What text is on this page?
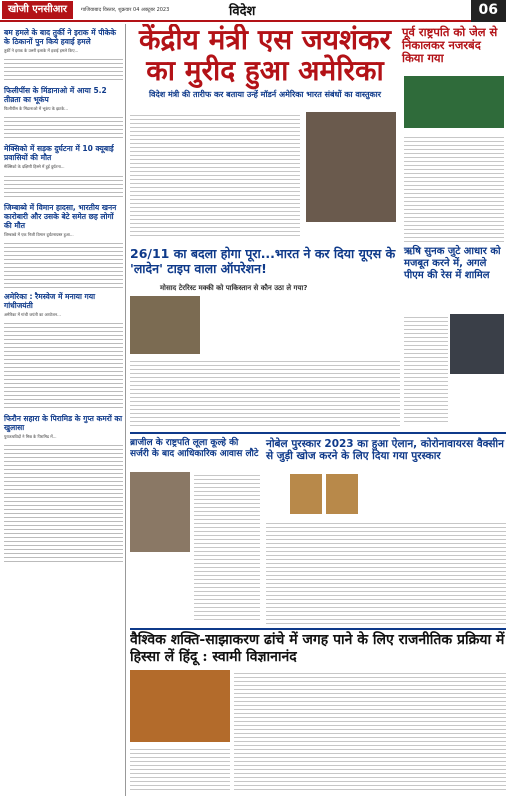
खोजी एनसीआर	गाजियाबाद विस्तार, शुक्रवार 04 अक्टूबर 2023	विदेश	06
बम हमले के बाद तुर्की ने इराक में पीकेके के ठिकानों पुन किये हवाई हमले
तुर्की ने इराक के उत्तरी इलाके में हवाई हमले किए...
फिलीपींस के मिंडानाओ में आया 5.2 तीव्रता का भूकंप
फिलीपींस के मिंडानाओ में भूकंप के झटके...
मेक्सिको में सड़क दुर्घटना में 10 क्यूबाई प्रवासियों की मौत
मेक्सिको के दक्षिणी हिस्से में हुई दुर्घटना...
जिम्बाब्वे में विमान हादसा, भारतीय खनन कारोबारी और उसके बेटे समेत छह लोगों की मौत
जिम्बाब्वे में एक निजी विमान दुर्घटनाग्रस्त हुआ...
अमेरिका : रैमस्वेज में मनाया गया गांधीजयंती
अमेरिका में गांधी जयंती का आयोजन...
फिरौन सहारा के पिरामिड के गुप्त कमरों का खुलासा
पुरातत्वविदों ने मिस्र के पिरामिड में...
केंद्रीय मंत्री एस जयशंकर का मुरीद हुआ अमेरिका
विदेश मंत्री की तारीफ कर बताया उन्हें मॉडर्न अमेरिका भारत संबंधों का वास्तुकार
पूर्व राष्ट्रपति को जेल से निकालकर नजरबंद किया गया
26/11 का बदला होगा पूरा...भारत ने कर दिया यूएस के 'लादेन' टाइप वाला ऑपरेशन!
मोसाद टेररिस्ट मक्की को पाकिस्तान से कौन उठा ले गया?
ऋषि सुनक जुटे आधार को मजबूत करने में, अगले पीएम की रेस में शामिल
ब्राजील के राष्ट्रपति लूला कूल्हे की सर्जरी के बाद आधिकारिक आवास लौटे
नोबेल पुरस्कार 2023 का हुआ ऐलान, कोरोनावायरस वैक्सीन से जुड़ी खोज करने के लिए दिया गया पुरस्कार
वैश्विक शक्ति-साझाकरण ढांचे में जगह पाने के लिए राजनीतिक प्रक्रिया में हिस्सा लें हिंदू : स्वामी विज्ञानानंद
